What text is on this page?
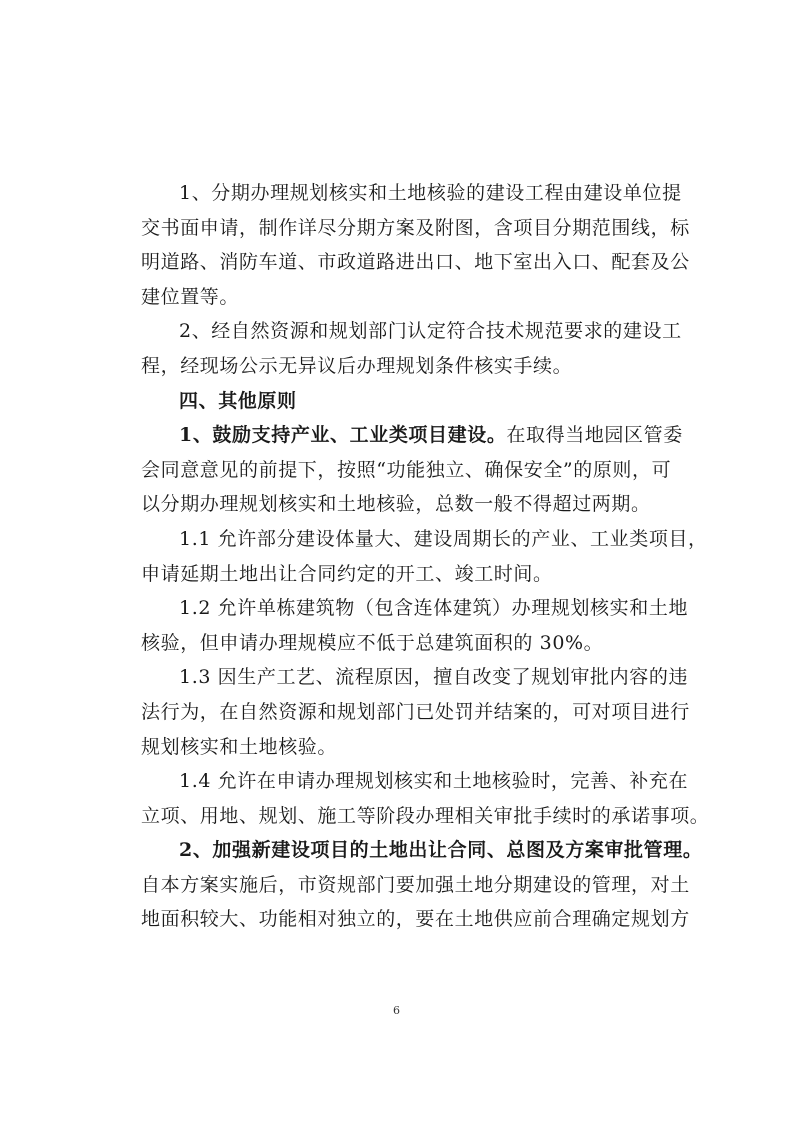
1、分期办理规划核实和土地核验的建设工程由建设单位提
交书面申请，制作详尽分期方案及附图，含项目分期范围线，标
明道路、消防车道、市政道路进出口、地下室出入口、配套及公
建位置等。
2、经自然资源和规划部门认定符合技术规范要求的建设工
程，经现场公示无异议后办理规划条件核实手续。
四、其他原则
1、鼓励支持产业、工业类项目建设。在取得当地园区管委
会同意意见的前提下，按照“功能独立、确保安全”的原则，可
以分期办理规划核实和土地核验，总数一般不得超过两期。
1.1 允许部分建设体量大、建设周期长的产业、工业类项目，
申请延期土地出让合同约定的开工、竣工时间。
1.2 允许单栋建筑物（包含连体建筑）办理规划核实和土地
核验，但申请办理规模应不低于总建筑面积的 30%。
1.3 因生产工艺、流程原因，擅自改变了规划审批内容的违
法行为，在自然资源和规划部门已处罚并结案的，可对项目进行
规划核实和土地核验。
1.4 允许在申请办理规划核实和土地核验时，完善、补充在
立项、用地、规划、施工等阶段办理相关审批手续时的承诺事项。
2、加强新建设项目的土地出让合同、总图及方案审批管理。
自本方案实施后，市资规部门要加强土地分期建设的管理，对土
地面积较大、功能相对独立的，要在土地供应前合理确定规划方
6
